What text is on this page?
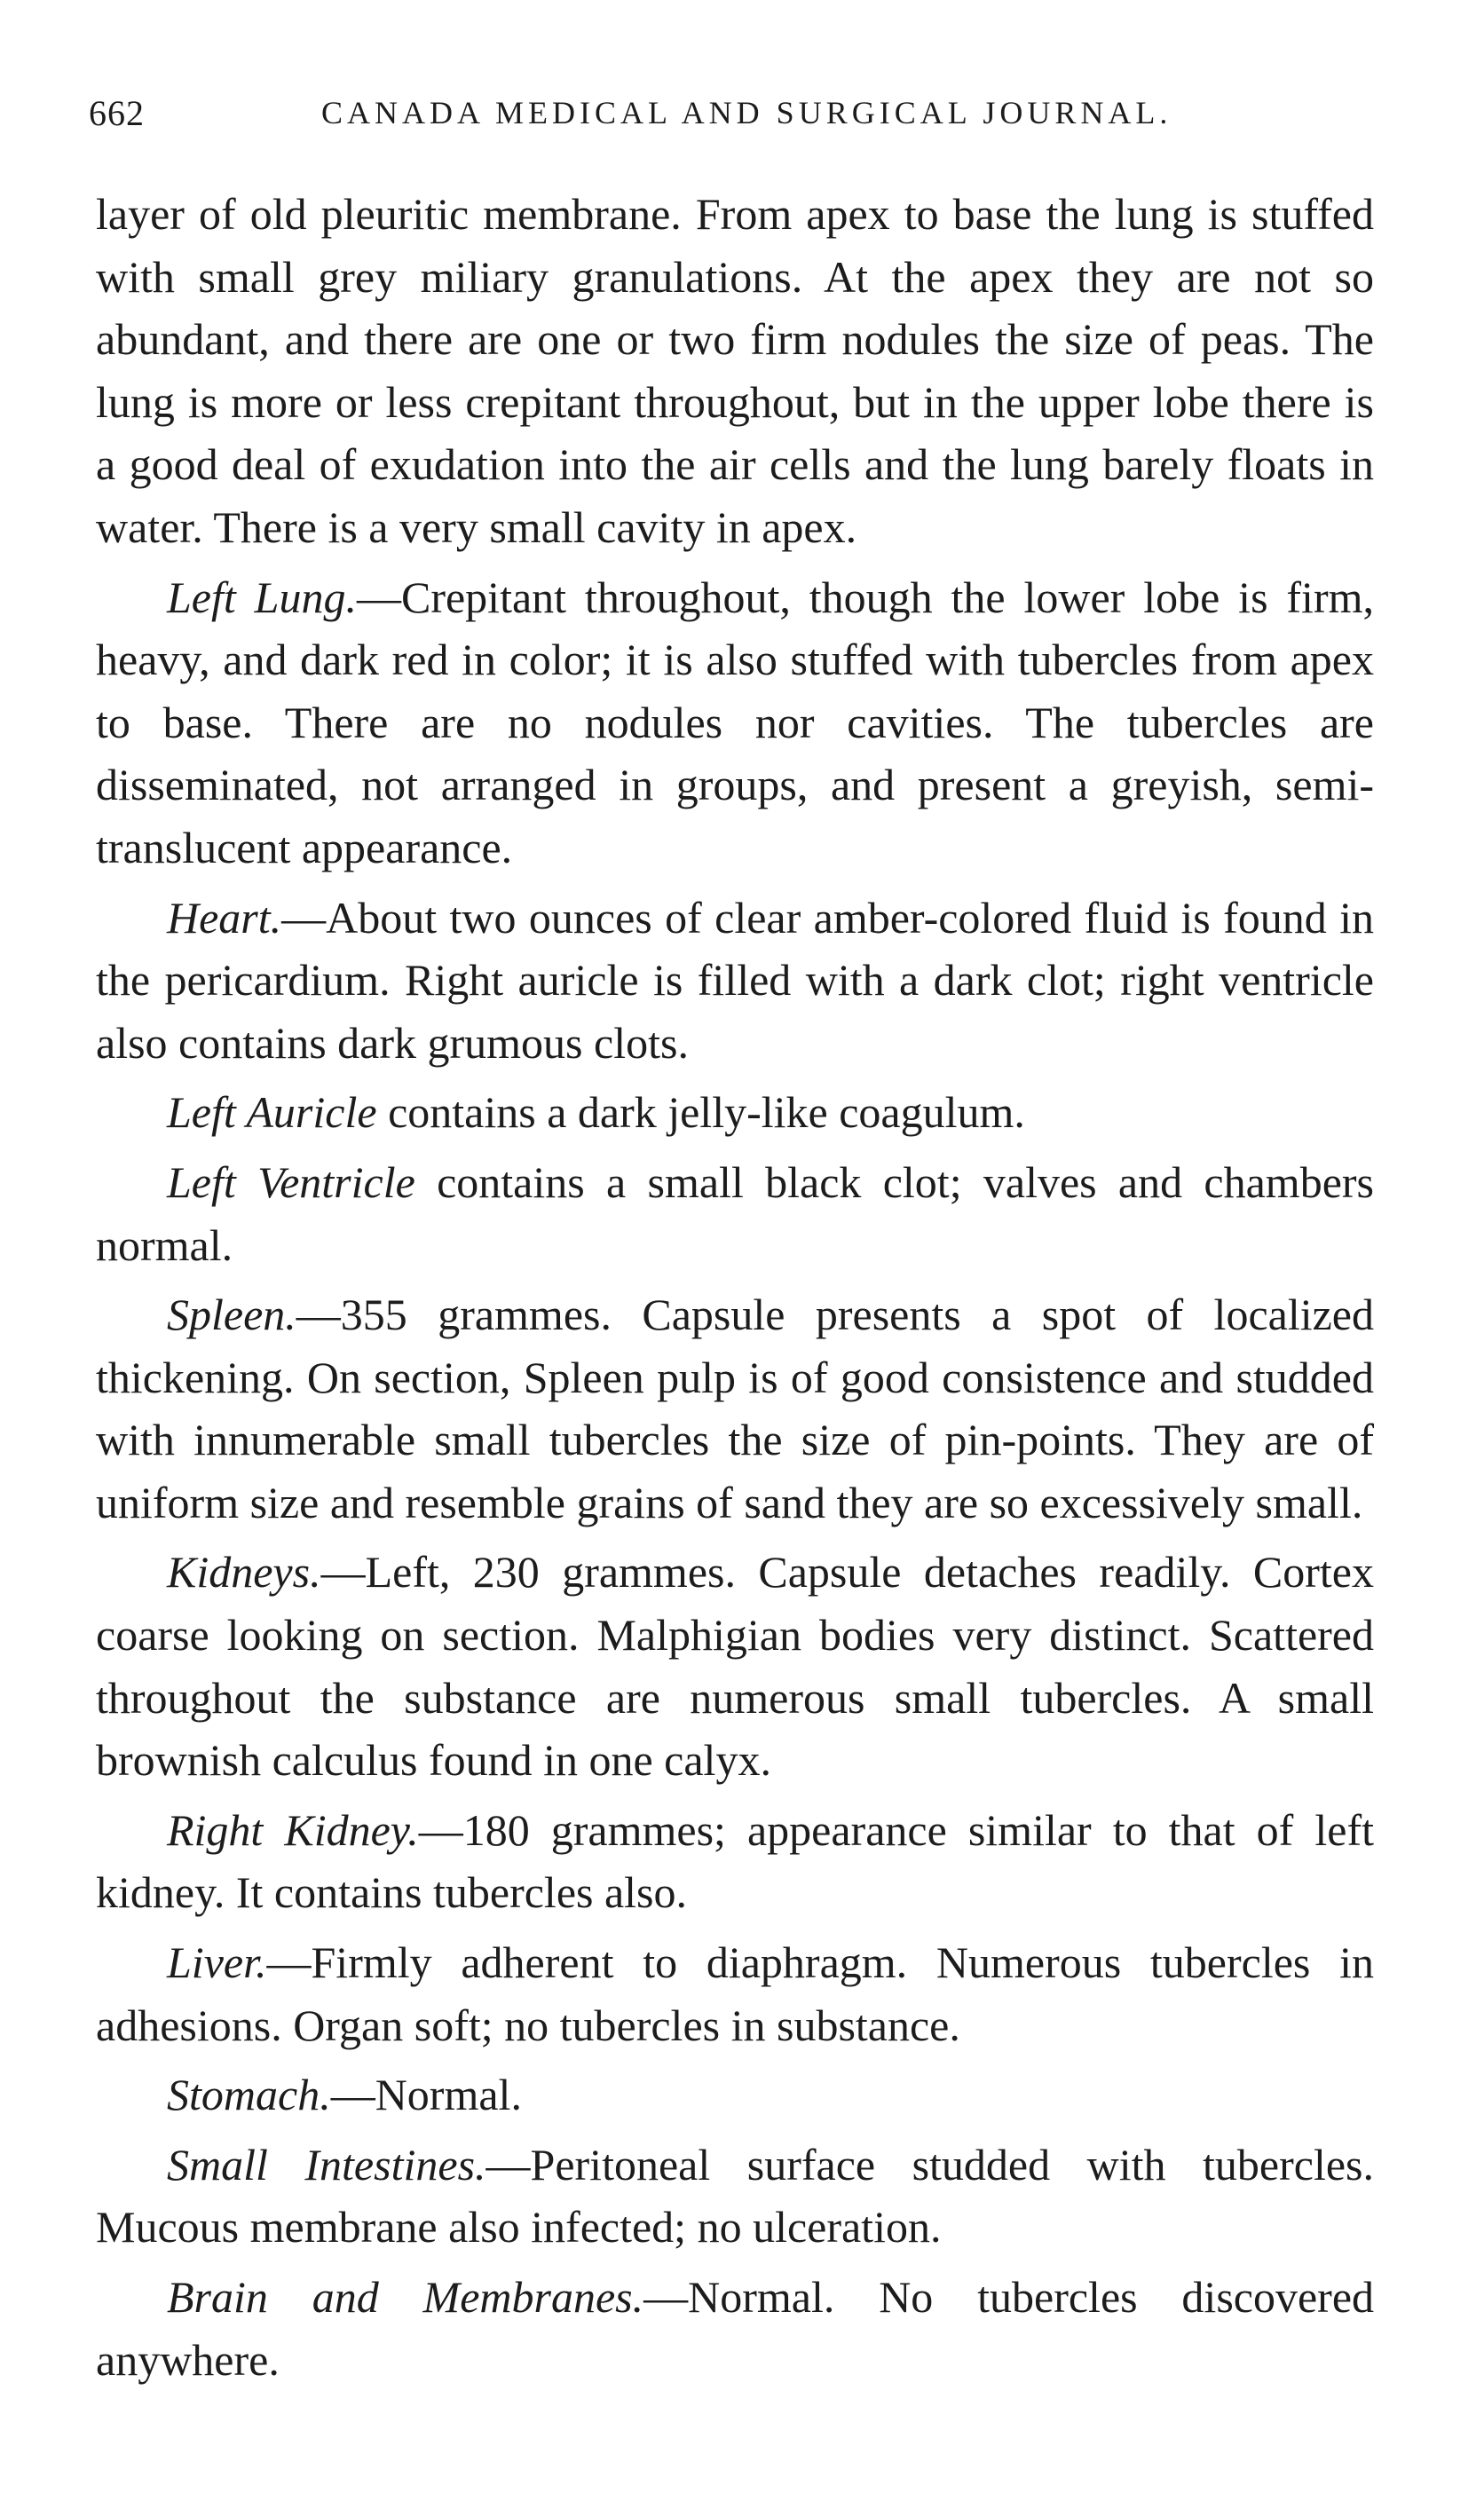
662	CANADA MEDICAL AND SURGICAL JOURNAL.

layer of old pleuritic membrane. From apex to base the lung is stuffed with small grey miliary granulations. At the apex they are not so abundant, and there are one or two firm nodules the size of peas. The lung is more or less crepitant throughout, but in the upper lobe there is a good deal of exudation into the air cells and the lung barely floats in water. There is a very small cavity in apex.

Left Lung.—Crepitant throughout, though the lower lobe is firm, heavy, and dark red in color; it is also stuffed with tubercles from apex to base. There are no nodules nor cavities. The tubercles are disseminated, not arranged in groups, and present a greyish, semi-translucent appearance.

Heart.—About two ounces of clear amber-colored fluid is found in the pericardium. Right auricle is filled with a dark clot; right ventricle also contains dark grumous clots.

Left Auricle contains a dark jelly-like coagulum.

Left Ventricle contains a small black clot; valves and chambers normal.

Spleen.—355 grammes. Capsule presents a spot of localized thickening. On section, Spleen pulp is of good consistence and studded with innumerable small tubercles the size of pin-points. They are of uniform size and resemble grains of sand they are so excessively small.

Kidneys.—Left, 230 grammes. Capsule detaches readily. Cortex coarse looking on section. Malphigian bodies very distinct. Scattered throughout the substance are numerous small tubercles. A small brownish calculus found in one calyx.

Right Kidney.—180 grammes; appearance similar to that of left kidney. It contains tubercles also.

Liver.—Firmly adherent to diaphragm. Numerous tubercles in adhesions. Organ soft; no tubercles in substance.

Stomach.—Normal.

Small Intestines.—Peritoneal surface studded with tubercles. Mucous membrane also infected; no ulceration.

Brain and Membranes.—Normal. No tubercles discovered anywhere.
